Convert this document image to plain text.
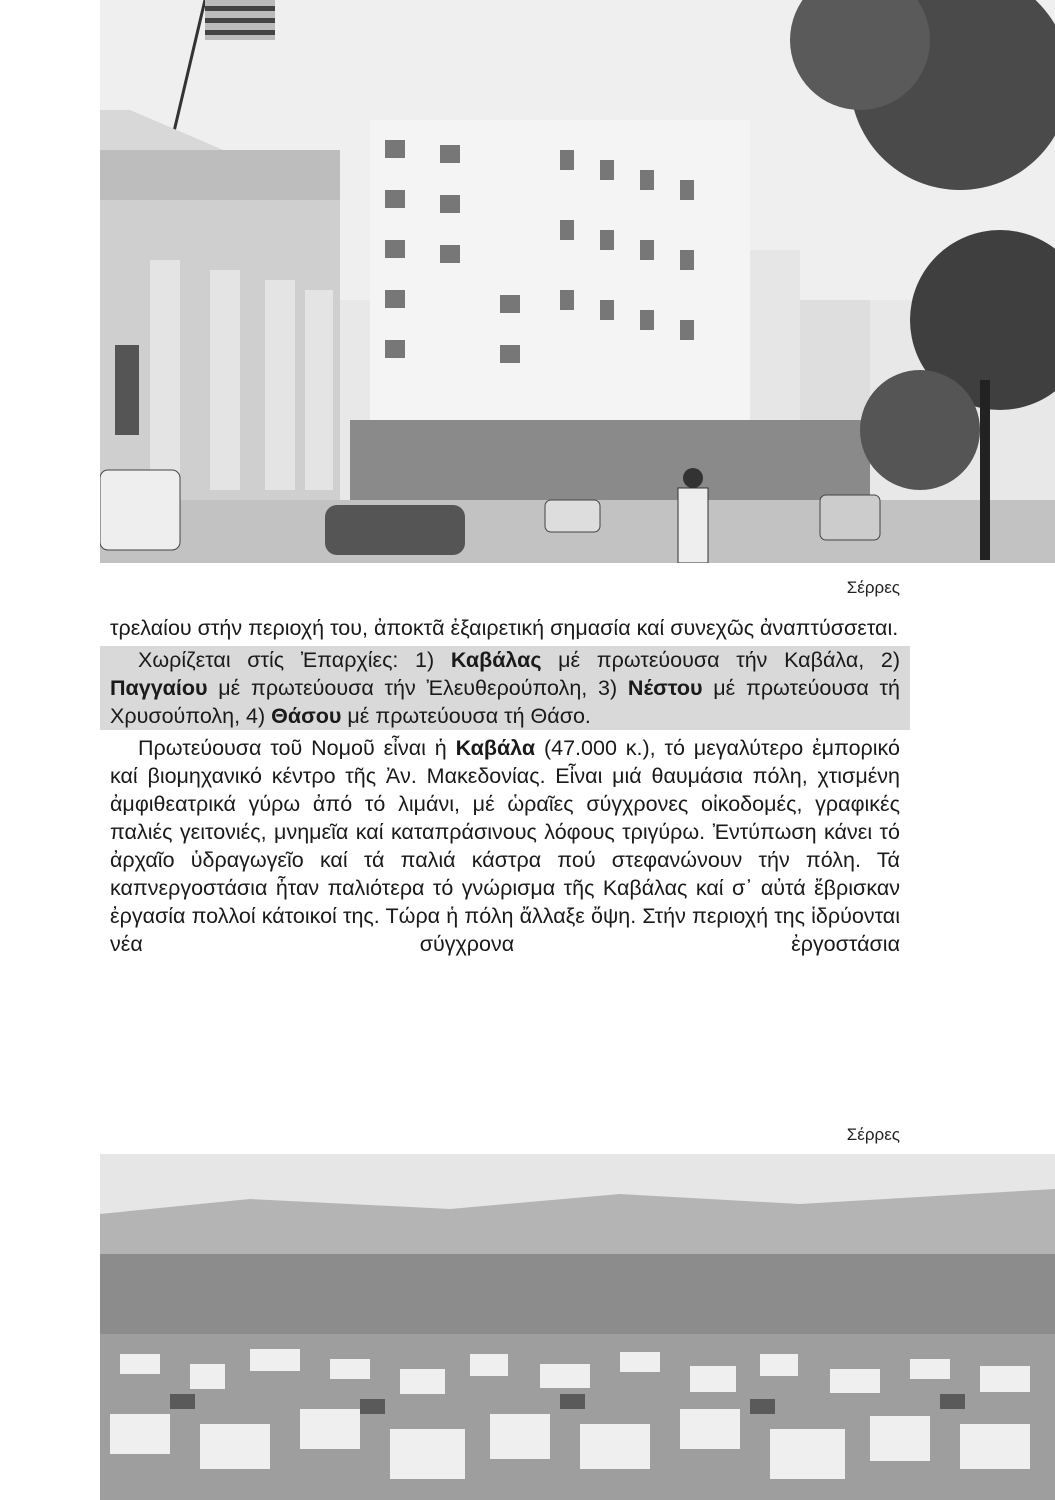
Σέρρες

τρελαίου στήν περιοχή του, ἀποκτᾶ ἐξαιρετική σημασία καί συνεχῶς ἀναπτύσσεται.

Χωρίζεται στίς Ἐπαρχίες: 1) Καβάλας μέ πρωτεύουσα τήν Καβάλα, 2) Παγγαίου μέ πρωτεύουσα τήν Ἐλευθερούπολη, 3) Νέστου μέ πρωτεύουσα τή Χρυσούπολη, 4) Θάσου μέ πρωτεύουσα τή Θάσο.

Πρωτεύουσα τοῦ Νομοῦ εἶναι ἡ Καβάλα (47.000 κ.), τό μεγαλύτερο ἐμπορικό καί βιομηχανικό κέντρο τῆς Ἀν. Μακεδονίας. Εἶναι μιά θαυμάσια πόλη, χτισμένη ἀμφιθεατρικά γύρω ἀπό τό λιμάνι, μέ ὡραῖες σύγχρονες οἰκοδομές, γραφικές παλιές γειτονιές, μνημεῖα καί καταπράσινους λόφους τριγύρω. Ἐντύπωση κάνει τό ἀρχαῖο ὑδραγωγεῖο καί τά παλιά κάστρα πού στεφανώνουν τήν πόλη. Τά καπνεργοστάσια ἦταν παλιότερα τό γνώρισμα τῆς Καβάλας καί σ᾽ αὐτά ἔβρισκαν ἐργασία πολλοί κάτοικοί της. Τώρα ἡ πόλη ἄλλαξε ὄψη. Στήν περιοχή της ἱδρύονται νέα σύγχρονα ἐργοστάσια

Σέρρες
